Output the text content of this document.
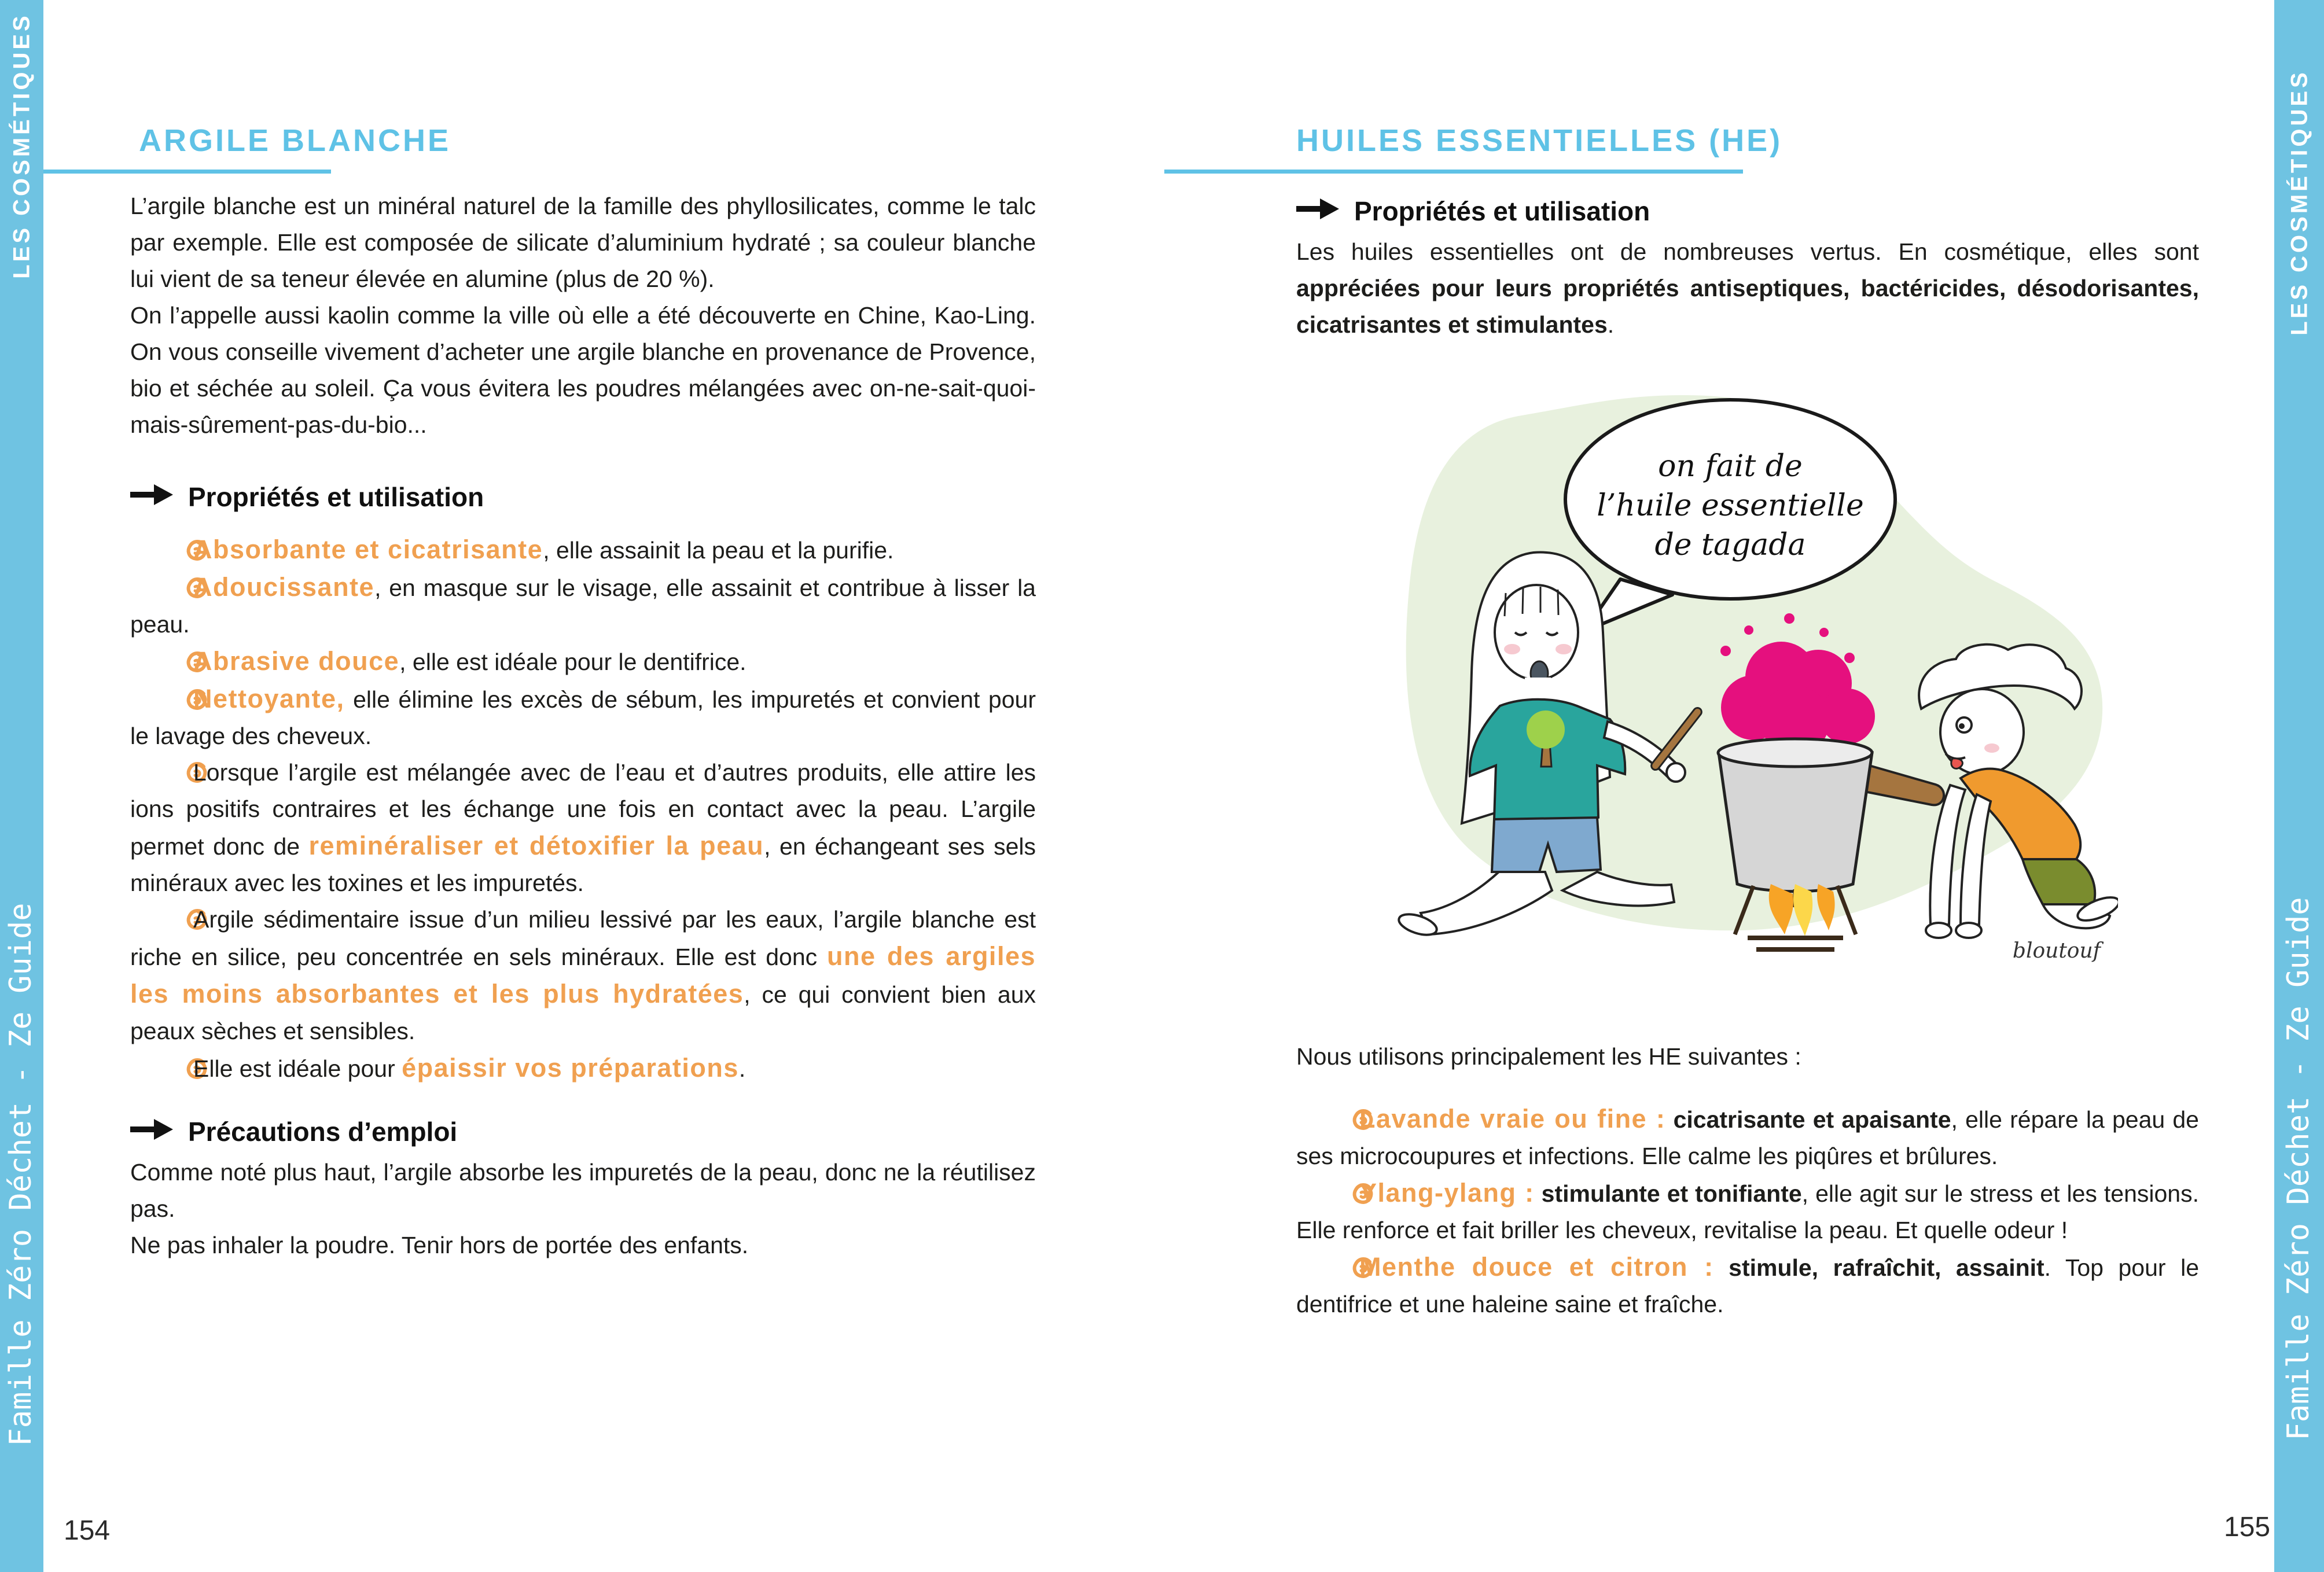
LES COSMÉTIQUES
Famille Zéro Déchet - Ze Guide
LES COSMÉTIQUES
Famille Zéro Déchet - Ze Guide
ARGILE BLANCHE

L’argile blanche est un minéral naturel de la famille des phyllosilicates, comme le talc par exemple. Elle est composée de silicate d’aluminium hydraté ; sa couleur blanche lui vient de sa teneur élevée en alumine (plus de 20 %).

On l’appelle aussi kaolin comme la ville où elle a été découverte en Chine, Kao-Ling. On vous conseille vivement d’acheter une argile blanche en provenance de Provence, bio et séchée au soleil. Ça vous évitera les poudres mélangées avec on-ne-sait-quoi-mais-sûrement-pas-du-bio...

Propriétés et utilisation

Absorbante et cicatrisante, elle assainit la peau et la purifie.

Adoucissante, en masque sur le visage, elle assainit et contribue à lisser la peau.

Abrasive douce, elle est idéale pour le dentifrice.

Nettoyante, elle élimine les excès de sébum, les impuretés et convient pour le lavage des cheveux.

Lorsque l’argile est mélangée avec de l’eau et d’autres produits, elle attire les ions positifs contraires et les échange une fois en contact avec la peau. L’argile permet donc de reminéraliser et détoxifier la peau, en échangeant ses sels minéraux avec les toxines et les impuretés.

Argile sédimentaire issue d’un milieu lessivé par les eaux, l’argile blanche est riche en silice, peu concentrée en sels minéraux. Elle est donc une des argiles les moins absorbantes et les plus hydratées, ce qui convient bien aux peaux sèches et sensibles.

Elle est idéale pour épaissir vos préparations.

Précautions d’emploi

Comme noté plus haut, l’argile absorbe les impuretés de la peau, donc ne la réutilisez pas.

Ne pas inhaler la poudre. Tenir hors de portée des enfants.

154
HUILES ESSENTIELLES (HE)
Propriétés et utilisation

Les huiles essentielles ont de nombreuses vertus. En cosmétique, elles sont appréciées pour leurs propriétés antiseptiques, bactéricides, désodorisantes, cicatrisantes et stimulantes.

on fait de
l’huile essentielle
de tagada
bloutouf

Nous utilisons principalement les HE suivantes :

Lavande vraie ou fine : cicatrisante et apaisante, elle répare la peau de ses microcoupures et infections. Elle calme les piqûres et brûlures.

Ylang-ylang : stimulante et tonifiante, elle agit sur le stress et les tensions. Elle renforce et fait briller les cheveux, revitalise la peau. Et quelle odeur !

Menthe douce et citron : stimule, rafraîchit, assainit. Top pour le dentifrice et une haleine saine et fraîche.

155
